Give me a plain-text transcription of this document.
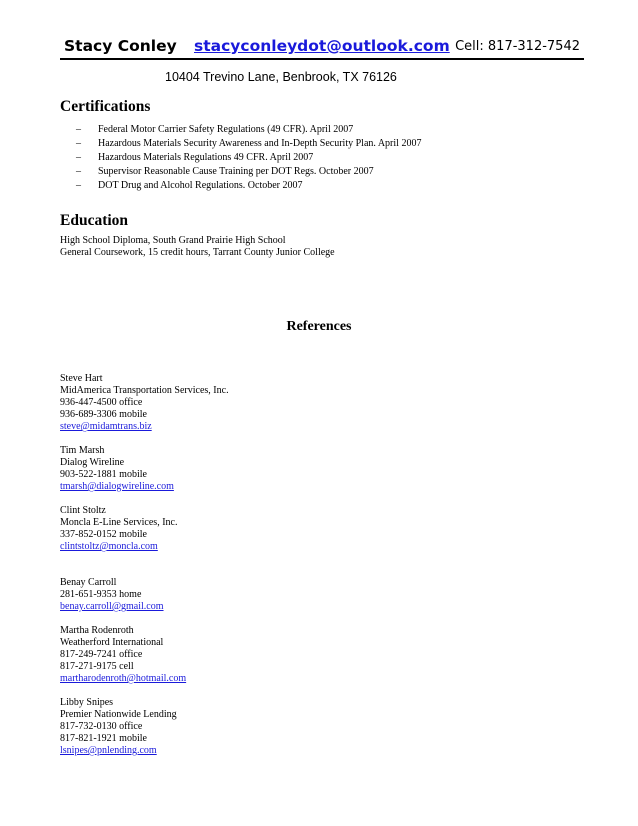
Stacy Conley stacyconleydot@outlook.com Cell: 817-312-7542
10404 Trevino Lane, Benbrook, TX 76126
Certifications
– Federal Motor Carrier Safety Regulations (49 CFR). April 2007
– Hazardous Materials Security Awareness and In-Depth Security Plan. April 2007
– Hazardous Materials Regulations 49 CFR. April 2007
– Supervisor Reasonable Cause Training per DOT Regs. October 2007
– DOT Drug and Alcohol Regulations. October 2007
Education
High School Diploma, South Grand Prairie High School
General Coursework, 15 credit hours, Tarrant County Junior College
References
Steve Hart
MidAmerica Transportation Services, Inc.
936-447-4500 office
936-689-3306 mobile
steve@midamtrans.biz
Tim Marsh
Dialog Wireline
903-522-1881 mobile
tmarsh@dialogwireline.com
Clint Stoltz
Moncla E-Line Services, Inc.
337-852-0152 mobile
clintstoltz@moncla.com
Benay Carroll
281-651-9353 home
benay.carroll@gmail.com
Martha Rodenroth
Weatherford International
817-249-7241 office
817-271-9175 cell
martharodenroth@hotmail.com
Libby Snipes
Premier Nationwide Lending
817-732-0130 office
817-821-1921 mobile
lsnipes@pnlending.com
